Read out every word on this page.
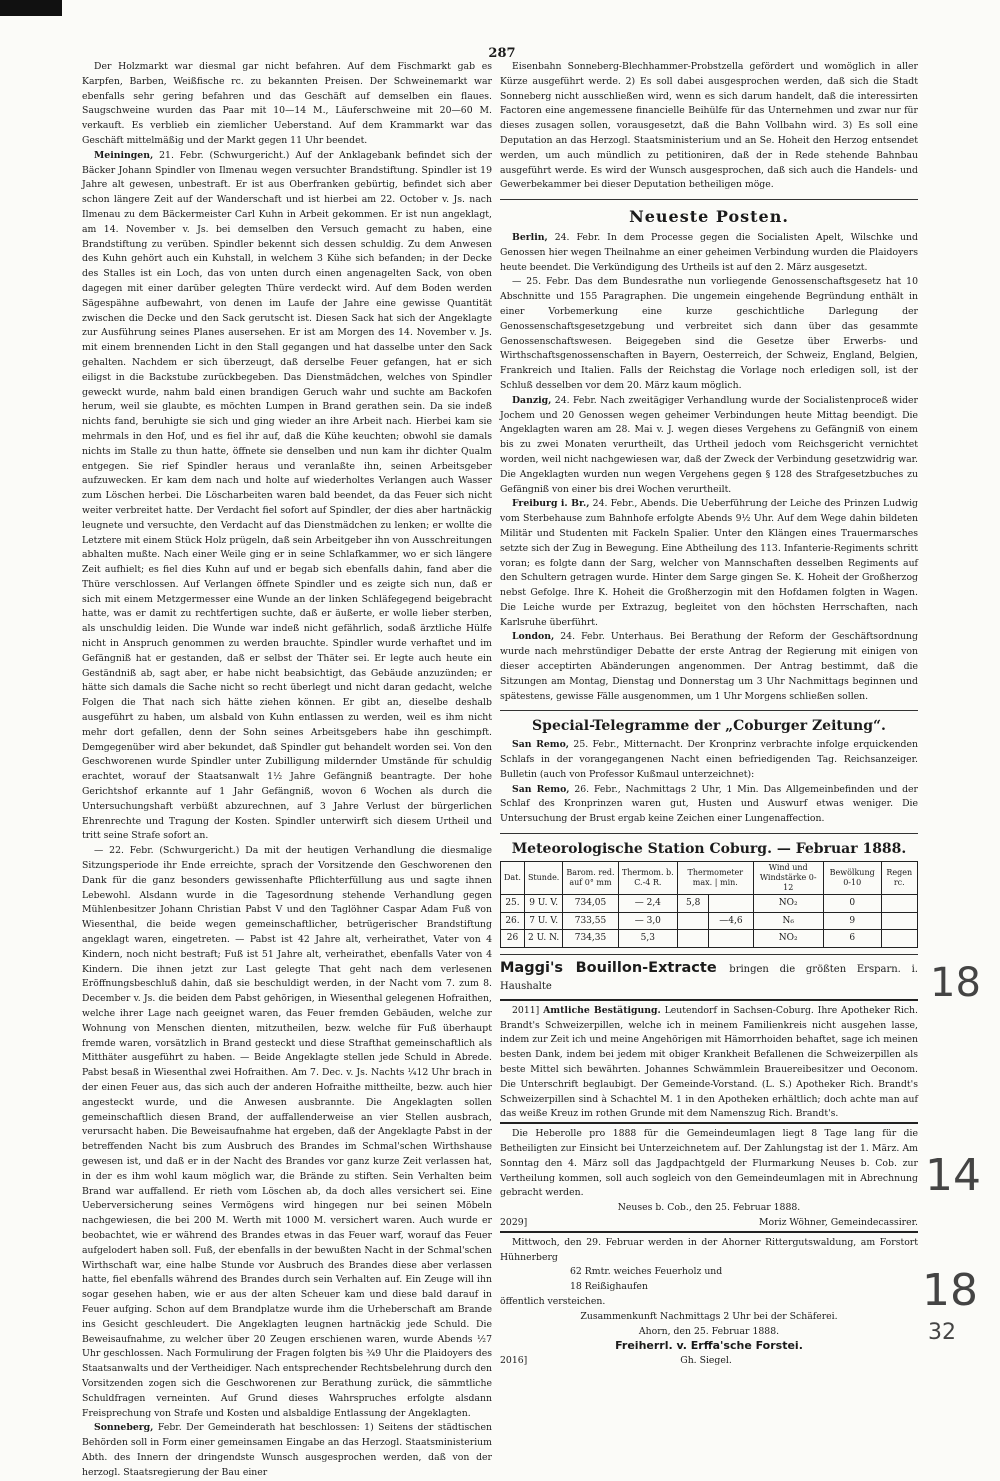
287

Der Holzmarkt war diesmal gar nicht befahren. Auf dem Fischmarkt gab es Karpfen, Barben, Weißfische rc. zu bekannten Preisen. Der Schweinemarkt war ebenfalls sehr gering befahren und das Geschäft auf demselben ein flaues. Saugschweine wurden das Paar mit 10—14 M., Läuferschweine mit 20—60 M. verkauft. Es verblieb ein ziemlicher Ueberstand. Auf dem Krammarkt war das Geschäft mittelmäßig und der Markt gegen 11 Uhr beendet.

Meiningen, 21. Febr. (Schwurgericht.) Auf der Anklagebank befindet sich der Bäcker Johann Spindler von Ilmenau wegen versuchter Brandstiftung. Spindler ist 19 Jahre alt gewesen, unbestraft. Er ist aus Oberfranken gebürtig, befindet sich aber schon längere Zeit auf der Wanderschaft und ist hierbei am 22. October v. Js. nach Ilmenau zu dem Bäckermeister Carl Kuhn in Arbeit gekommen. Er ist nun angeklagt, am 14. November v. Js. bei demselben den Versuch gemacht zu haben, eine Brandstiftung zu verüben. Spindler bekennt sich dessen schuldig. Zu dem Anwesen des Kuhn gehört auch ein Kuhstall, in welchem 3 Kühe sich befanden; in der Decke des Stalles ist ein Loch, das von unten durch einen angenagelten Sack, von oben dagegen mit einer darüber gelegten Thüre verdeckt wird. Auf dem Boden werden Sägespähne aufbewahrt, von denen im Laufe der Jahre eine gewisse Quantität zwischen die Decke und den Sack gerutscht ist. Diesen Sack hat sich der Angeklagte zur Ausführung seines Planes ausersehen. Er ist am Morgen des 14. November v. Js. mit einem brennenden Licht in den Stall gegangen und hat dasselbe unter den Sack gehalten. Nachdem er sich überzeugt, daß derselbe Feuer gefangen, hat er sich eiligst in die Backstube zurückbegeben. Das Dienstmädchen, welches von Spindler geweckt wurde, nahm bald einen brandigen Geruch wahr und suchte am Backofen herum, weil sie glaubte, es möchten Lumpen in Brand gerathen sein. Da sie indeß nichts fand, beruhigte sie sich und ging wieder an ihre Arbeit nach. Hierbei kam sie mehrmals in den Hof, und es fiel ihr auf, daß die Kühe keuchten; obwohl sie damals nichts im Stalle zu thun hatte, öffnete sie denselben und nun kam ihr dichter Qualm entgegen. Sie rief Spindler heraus und veranlaßte ihn, seinen Arbeitsgeber aufzuwecken. Er kam dem nach und holte auf wiederholtes Verlangen auch Wasser zum Löschen herbei. Die Löscharbeiten waren bald beendet, da das Feuer sich nicht weiter verbreitet hatte. Der Verdacht fiel sofort auf Spindler, der dies aber hartnäckig leugnete und versuchte, den Verdacht auf das Dienstmädchen zu lenken; er wollte die Letztere mit einem Stück Holz prügeln, daß sein Arbeitgeber ihn von Ausschreitungen abhalten mußte. Nach einer Weile ging er in seine Schlafkammer, wo er sich längere Zeit aufhielt; es fiel dies Kuhn auf und er begab sich ebenfalls dahin, fand aber die Thüre verschlossen. Auf Verlangen öffnete Spindler und es zeigte sich nun, daß er sich mit einem Metzgermesser eine Wunde an der linken Schläfegegend beigebracht hatte, was er damit zu rechtfertigen suchte, daß er äußerte, er wolle lieber sterben, als unschuldig leiden. Die Wunde war indeß nicht gefährlich, sodaß ärztliche Hülfe nicht in Anspruch genommen zu werden brauchte. Spindler wurde verhaftet und im Gefängniß hat er gestanden, daß er selbst der Thäter sei. Er legte auch heute ein Geständniß ab, sagt aber, er habe nicht beabsichtigt, das Gebäude anzuzünden; er hätte sich damals die Sache nicht so recht überlegt und nicht daran gedacht, welche Folgen die That nach sich hätte ziehen können. Er gibt an, dieselbe deshalb ausgeführt zu haben, um alsbald von Kuhn entlassen zu werden, weil es ihm nicht mehr dort gefallen, denn der Sohn seines Arbeitsgebers habe ihn geschimpft. Demgegenüber wird aber bekundet, daß Spindler gut behandelt worden sei. Von den Geschworenen wurde Spindler unter Zubilligung mildernder Umstände für schuldig erachtet, worauf der Staatsanwalt 1½ Jahre Gefängniß beantragte. Der hohe Gerichtshof erkannte auf 1 Jahr Gefängniß, wovon 6 Wochen als durch die Untersuchungshaft verbüßt abzurechnen, auf 3 Jahre Verlust der bürgerlichen Ehrenrechte und Tragung der Kosten. Spindler unterwirft sich diesem Urtheil und tritt seine Strafe sofort an.

— 22. Febr. (Schwurgericht.) Da mit der heutigen Verhandlung die diesmalige Sitzungsperiode ihr Ende erreichte, sprach der Vorsitzende den Geschworenen den Dank für die ganz besonders gewissenhafte Pflichterfüllung aus und sagte ihnen Lebewohl. Alsdann wurde in die Tagesordnung stehende Verhandlung gegen Mühlenbesitzer Johann Christian Pabst V und den Taglöhner Caspar Adam Fuß von Wiesenthal, die beide wegen gemeinschaftlicher, betrügerischer Brandstiftung angeklagt waren, eingetreten. — Pabst ist 42 Jahre alt, verheirathet, Vater von 4 Kindern, noch nicht bestraft; Fuß ist 51 Jahre alt, verheirathet, ebenfalls Vater von 4 Kindern. Die ihnen jetzt zur Last gelegte That geht nach dem verlesenen Eröffnungsbeschluß dahin, daß sie beschuldigt werden, in der Nacht vom 7. zum 8. December v. Js. die beiden dem Pabst gehörigen, in Wiesenthal gelegenen Hofraithen, welche ihrer Lage nach geeignet waren, das Feuer fremden Gebäuden, welche zur Wohnung von Menschen dienten, mitzutheilen, bezw. welche für Fuß überhaupt fremde waren, vorsätzlich in Brand gesteckt und diese Strafthat gemeinschaftlich als Mitthäter ausgeführt zu haben. — Beide Angeklagte stellen jede Schuld in Abrede. Pabst besaß in Wiesenthal zwei Hofraithen. Am 7. Dec. v. Js. Nachts ¼12 Uhr brach in der einen Feuer aus, das sich auch der anderen Hofraithe mittheilte, bezw. auch hier angesteckt wurde, und die Anwesen ausbrannte. Die Angeklagten sollen gemeinschaftlich diesen Brand, der auffallenderweise an vier Stellen ausbrach, verursacht haben. Die Beweisaufnahme hat ergeben, daß der Angeklagte Pabst in der betreffenden Nacht bis zum Ausbruch des Brandes im Schmal'schen Wirthshause gewesen ist, und daß er in der Nacht des Brandes vor ganz kurze Zeit verlassen hat, in der es ihm wohl kaum möglich war, die Brände zu stiften. Sein Verhalten beim Brand war auffallend. Er rieth vom Löschen ab, da doch alles versichert sei. Eine Ueberversicherung seines Vermögens wird hingegen nur bei seinen Möbeln nachgewiesen, die bei 200 M. Werth mit 1000 M. versichert waren. Auch wurde er beobachtet, wie er während des Brandes etwas in das Feuer warf, worauf das Feuer aufgelodert haben soll. Fuß, der ebenfalls in der bewußten Nacht in der Schmal'schen Wirthschaft war, eine halbe Stunde vor Ausbruch des Brandes diese aber verlassen hatte, fiel ebenfalls während des Brandes durch sein Verhalten auf. Ein Zeuge will ihn sogar gesehen haben, wie er aus der alten Scheuer kam und diese bald darauf in Feuer aufging. Schon auf dem Brandplatze wurde ihm die Urheberschaft am Brande ins Gesicht geschleudert. Die Angeklagten leugnen hartnäckig jede Schuld. Die Beweisaufnahme, zu welcher über 20 Zeugen erschienen waren, wurde Abends ½7 Uhr geschlossen. Nach Formulirung der Fragen folgten bis ¾9 Uhr die Plaidoyers des Staatsanwalts und der Vertheidiger. Nach entsprechender Rechtsbelehrung durch den Vorsitzenden zogen sich die Geschworenen zur Berathung zurück, die sämmtliche Schuldfragen verneinten. Auf Grund dieses Wahrspruches erfolgte alsdann Freisprechung von Strafe und Kosten und alsbaldige Entlassung der Angeklagten.

Sonneberg, Febr. Der Gemeinderath hat beschlossen: 1) Seitens der städtischen Behörden soll in Form einer gemeinsamen Eingabe an das Herzogl. Staatsministerium Abth. des Innern der dringendste Wunsch ausgesprochen werden, daß von der herzogl. Staatsregierung der Bau einer

Eisenbahn Sonneberg-Blechhammer-Probstzella gefördert und womöglich in aller Kürze ausgeführt werde. 2) Es soll dabei ausgesprochen werden, daß sich die Stadt Sonneberg nicht ausschließen wird, wenn es sich darum handelt, daß die interessirten Factoren eine angemessene financielle Beihülfe für das Unternehmen und zwar nur für dieses zusagen sollen, vorausgesetzt, daß die Bahn Vollbahn wird. 3) Es soll eine Deputation an das Herzogl. Staatsministerium und an Se. Hoheit den Herzog entsendet werden, um auch mündlich zu petitioniren, daß der in Rede stehende Bahnbau ausgeführt werde. Es wird der Wunsch ausgesprochen, daß sich auch die Handels- und Gewerbekammer bei dieser Deputation betheiligen möge.

Neueste Posten.

Berlin, 24. Febr. In dem Processe gegen die Socialisten Apelt, Wilschke und Genossen hier wegen Theilnahme an einer geheimen Verbindung wurden die Plaidoyers heute beendet. Die Verkündigung des Urtheils ist auf den 2. März ausgesetzt.

— 25. Febr. Das dem Bundesrathe nun vorliegende Genossenschaftsgesetz hat 10 Abschnitte und 155 Paragraphen. Die ungemein eingehende Begründung enthält in einer Vorbemerkung eine kurze geschichtliche Darlegung der Genossenschaftsgesetzgebung und verbreitet sich dann über das gesammte Genossenschaftswesen. Beigegeben sind die Gesetze über Erwerbs- und Wirthschaftsgenossenschaften in Bayern, Oesterreich, der Schweiz, England, Belgien, Frankreich und Italien. Falls der Reichstag die Vorlage noch erledigen soll, ist der Schluß desselben vor dem 20. März kaum möglich.

Danzig, 24. Febr. Nach zweitägiger Verhandlung wurde der Socialistenproceß wider Jochem und 20 Genossen wegen geheimer Verbindungen heute Mittag beendigt. Die Angeklagten waren am 28. Mai v. J. wegen dieses Vergehens zu Gefängniß von einem bis zu zwei Monaten verurtheilt, das Urtheil jedoch vom Reichsgericht vernichtet worden, weil nicht nachgewiesen war, daß der Zweck der Verbindung gesetzwidrig war. Die Angeklagten wurden nun wegen Vergehens gegen § 128 des Strafgesetzbuches zu Gefängniß von einer bis drei Wochen verurtheilt.

Freiburg i. Br., 24. Febr., Abends. Die Ueberführung der Leiche des Prinzen Ludwig vom Sterbehause zum Bahnhofe erfolgte Abends 9½ Uhr. Auf dem Wege dahin bildeten Militär und Studenten mit Fackeln Spalier. Unter den Klängen eines Trauermarsches setzte sich der Zug in Bewegung. Eine Abtheilung des 113. Infanterie-Regiments schritt voran; es folgte dann der Sarg, welcher von Mannschaften desselben Regiments auf den Schultern getragen wurde. Hinter dem Sarge gingen Se. K. Hoheit der Großherzog nebst Gefolge. Ihre K. Hoheit die Großherzogin mit den Hofdamen folgten in Wagen. Die Leiche wurde per Extrazug, begleitet von den höchsten Herrschaften, nach Karlsruhe überführt.

London, 24. Febr. Unterhaus. Bei Berathung der Reform der Geschäftsordnung wurde nach mehrstündiger Debatte der erste Antrag der Regierung mit einigen von dieser acceptirten Abänderungen angenommen. Der Antrag bestimmt, daß die Sitzungen am Montag, Dienstag und Donnerstag um 3 Uhr Nachmittags beginnen und spätestens, gewisse Fälle ausgenommen, um 1 Uhr Morgens schließen sollen.

Special-Telegramme der „Coburger Zeitung“.

San Remo, 25. Febr., Mitternacht. Der Kronprinz verbrachte infolge erquickenden Schlafs in der vorangegangenen Nacht einen befriedigenden Tag. Reichsanzeiger. Bulletin (auch von Professor Kußmaul unterzeichnet):

San Remo, 26. Febr., Nachmittags 2 Uhr, 1 Min. Das Allgemeinbefinden und der Schlaf des Kronprinzen waren gut, Husten und Auswurf etwas weniger. Die Untersuchung der Brust ergab keine Zeichen einer Lungenaffection.

Meteorologische Station Coburg. — Februar 1888.
Dat.	Stunde.	Barom. red. auf 0° mm	Thermom. b. C.-4 R.	Thermometer max. | min.		Wind und Windstärke 0-12	Bewölkung 0-10	Regen rc.
25.	9 U. V.	734,05	— 2,4	5,8		NO₂	0	
26.	7 U. V.	733,55	— 3,0		—4,6	N₆	9	
26	2 U. N.	734,35	5,3			NO₂	6	
Maggi's Bouillon-Extracte bringen die größten Ersparn. i. Haushalte

2011] Amtliche Bestätigung. Leutendorf in Sachsen-Coburg. Ihre Apotheker Rich. Brandt's Schweizerpillen, welche ich in meinem Familienkreis nicht ausgehen lasse, indem zur Zeit ich und meine Angehörigen mit Hämorrhoiden behaftet, sage ich meinen besten Dank, indem bei jedem mit obiger Krankheit Befallenen die Schweizerpillen als beste Mittel sich bewährten. Johannes Schwämmlein Brauereibesitzer und Oeconom. Die Unterschrift beglaubigt. Der Gemeinde-Vorstand. (L. S.) Apotheker Rich. Brandt's Schweizerpillen sind à Schachtel M. 1 in den Apotheken erhältlich; doch achte man auf das weiße Kreuz im rothen Grunde mit dem Namenszug Rich. Brandt's.

Die Heberolle pro 1888 für die Gemeindeumlagen liegt 8 Tage lang für die Betheiligten zur Einsicht bei Unterzeichnetem auf. Der Zahlungstag ist der 1. März. Am Sonntag den 4. März soll das Jagdpachtgeld der Flurmarkung Neuses b. Cob. zur Vertheilung kommen, soll auch sogleich von den Gemeindeumlagen mit in Abrechnung gebracht werden.

Neuses b. Cob., den 25. Februar 1888.
2029]	Moriz Wöhner, Gemeindecassirer.

Mittwoch, den 29. Februar werden in der Ahorner Rittergutswaldung, am Forstort Hühnerberg

62 Rmtr. weiches Feuerholz und
18 Reißighaufen
öffentlich versteichen.
Zusammenkunft Nachmittags 2 Uhr bei der Schäferei.
Ahorn, den 25. Februar 1888.
Freiherrl. v. Erffa'sche Forstei.
2016]	Gh. Siegel.
18
14
18
32
